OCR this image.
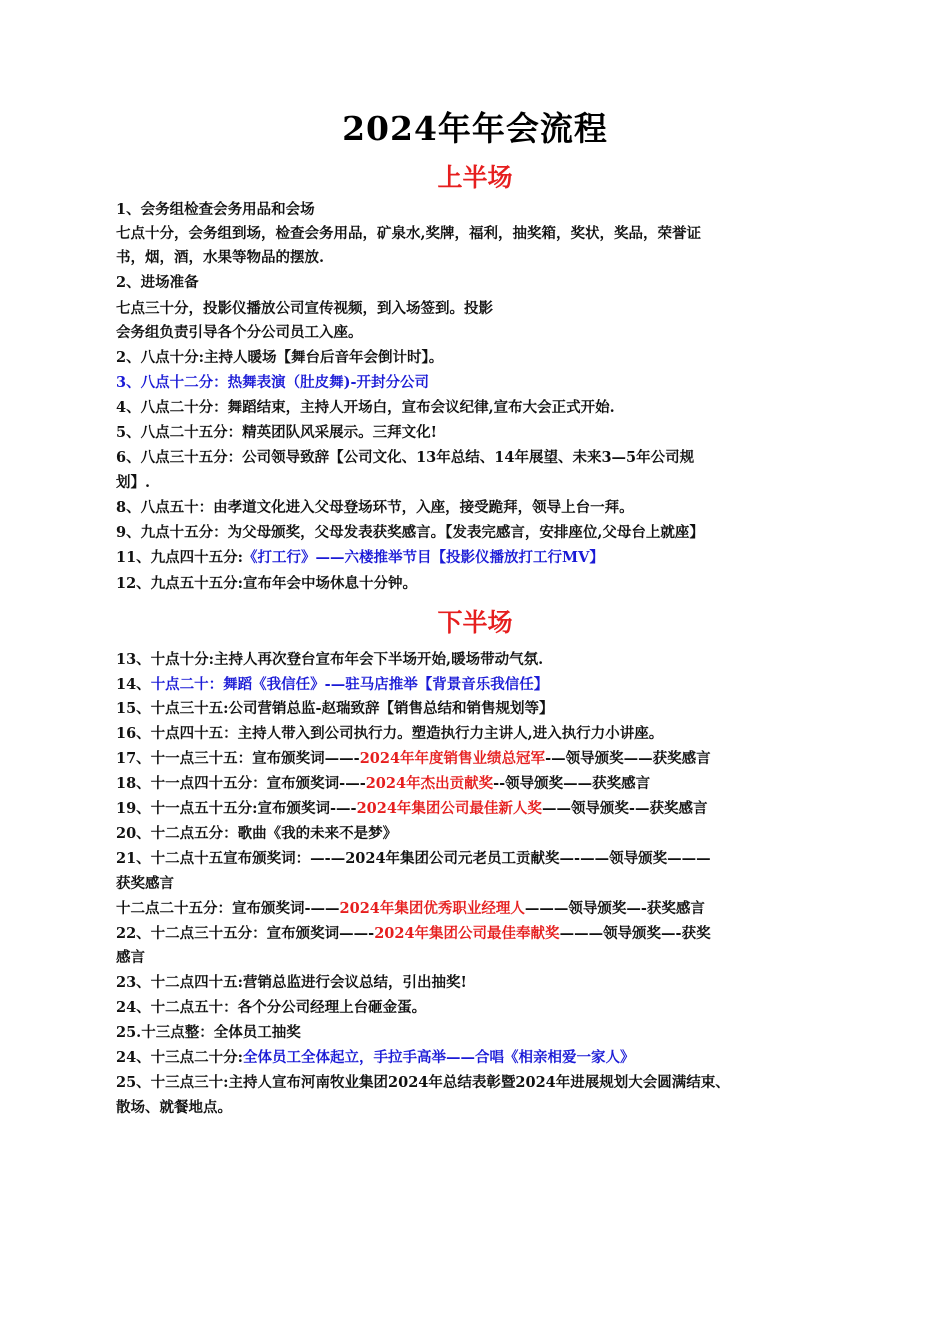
2024年年会流程
上半场
1、会务组检查会务用品和会场
七点十分，会务组到场，检查会务用品，矿泉水,奖牌，福利，抽奖箱，奖状，奖品，荣誉证
书，烟，酒，水果等物品的摆放.
2、进场准备
七点三十分，投影仪播放公司宣传视频，到入场签到。投影
会务组负责引导各个分公司员工入座。
2、八点十分:主持人暖场【舞台后音年会倒计时】。
3、八点十二分：热舞表演（肚皮舞)-开封分公司
4、八点二十分：舞蹈结束，主持人开场白，宣布会议纪律,宣布大会正式开始.
5、八点二十五分：精英团队风采展示。三拜文化!
6、八点三十五分：公司领导致辞【公司文化、13年总结、14年展望、未来3—5年公司规
划】.
8、八点五十：由孝道文化进入父母登场环节，入座，接受跪拜，领导上台一拜。
9、九点十五分：为父母颁奖，父母发表获奖感言。【发表完感言，安排座位,父母台上就座】
11、九点四十五分:《打工行》——六楼推举节目【投影仪播放打工行MV】
12、九点五十五分:宣布年会中场休息十分钟。
下半场
13、十点十分:主持人再次登台宣布年会下半场开始,暖场带动气氛.
14、十点二十：舞蹈《我信任》-—驻马店推举【背景音乐我信任】
15、十点三十五:公司营销总监-赵瑞致辞【销售总结和销售规划等】
16、十点四十五：主持人带入到公司执行力。塑造执行力主讲人,进入执行力小讲座。
17、十一点三十五：宣布颁奖词——-2024年年度销售业绩总冠军-—领导颁奖——获奖感言
18、十一点四十五分：宣布颁奖词-—-2024年杰出贡献奖--领导颁奖——获奖感言
19、十一点五十五分:宣布颁奖词-—-2024年集团公司最佳新人奖——领导颁奖-—获奖感言
20、十二点五分：歌曲《我的未来不是梦》
21、十二点十五宣布颁奖词：—-—2024年集团公司元老员工贡献奖—-——领导颁奖———
获奖感言
十二点二十五分：宣布颁奖词-——2024年集团优秀职业经理人———领导颁奖—-获奖感言
22、十二点三十五分：宣布颁奖词——-2024年集团公司最佳奉献奖———领导颁奖—-获奖
感言
23、十二点四十五:营销总监进行会议总结，引出抽奖!
24、十二点五十：各个分公司经理上台砸金蛋。
25.十三点整：全体员工抽奖
24、十三点二十分:全体员工全体起立，手拉手高举——合唱《相亲相爱一家人》
25、十三点三十:主持人宣布河南牧业集团2024年总结表彰暨2024年进展规划大会圆满结束、
散场、就餐地点。
